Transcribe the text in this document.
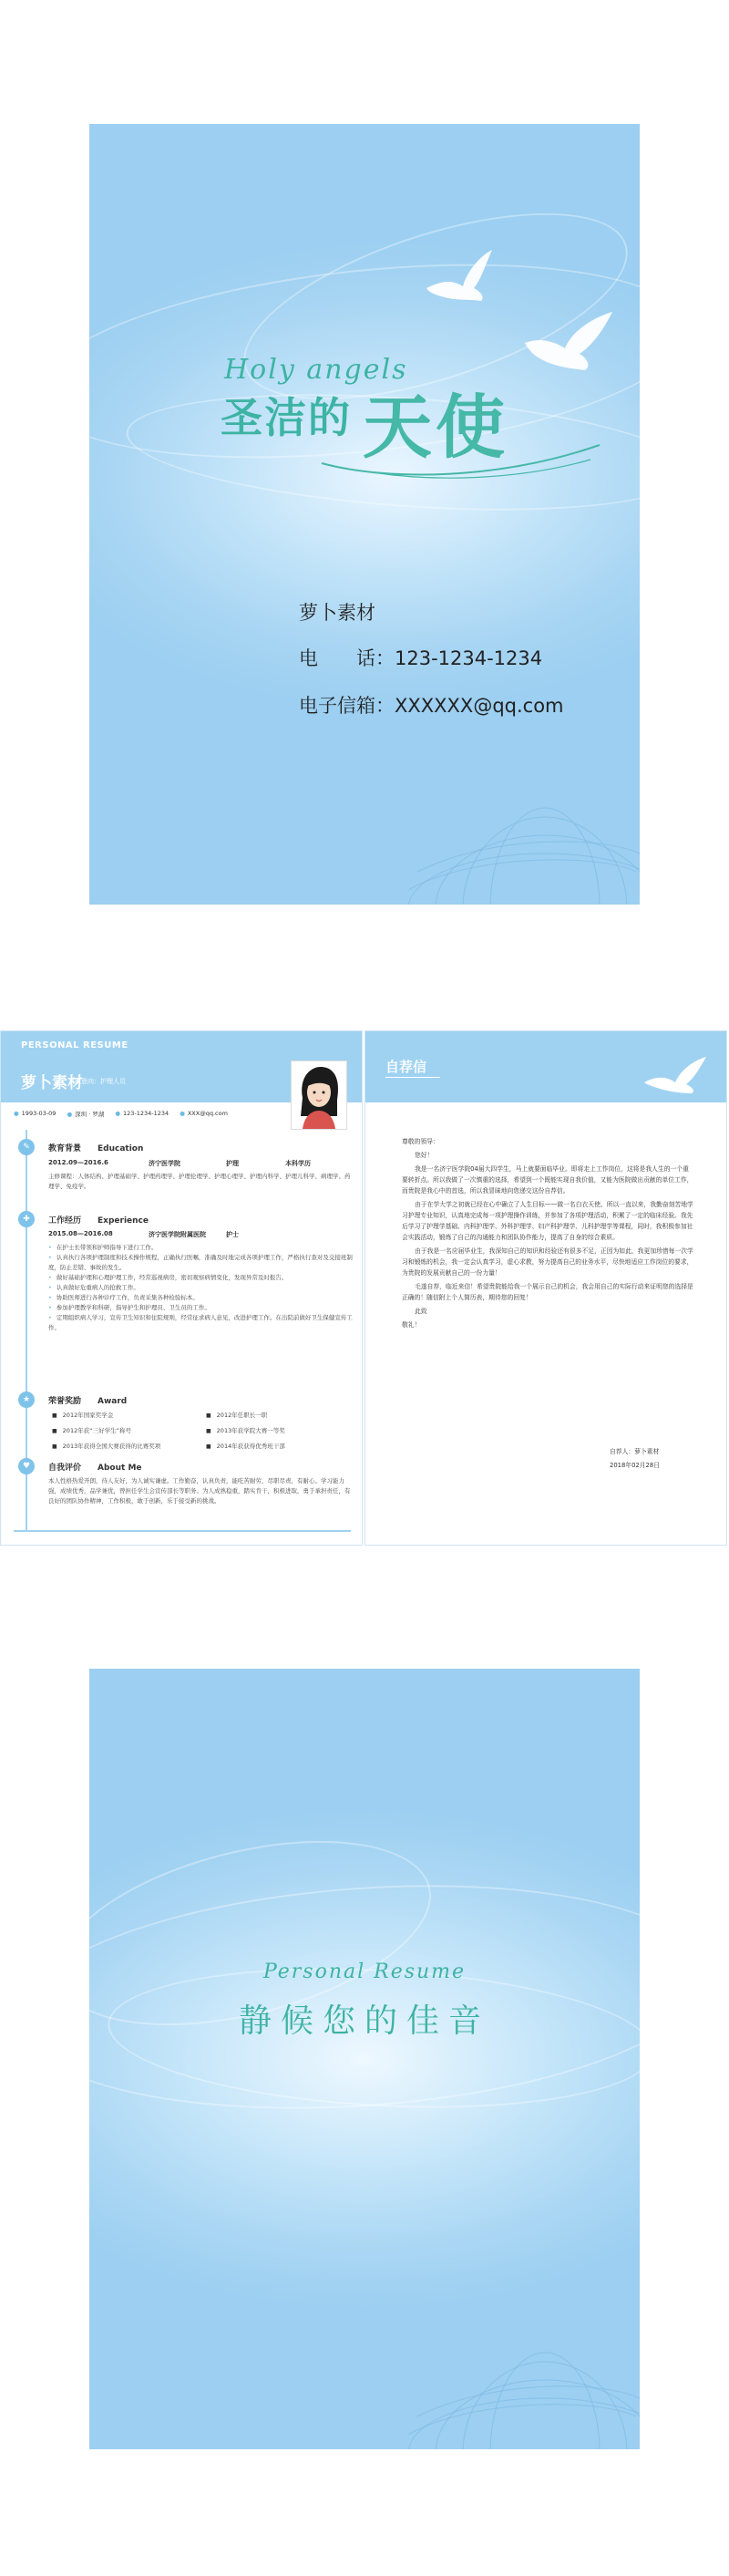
Holy angels
圣洁的 天使
萝卜素材
电　　话：123-1234-1234
电子信箱：XXXXXX@qq.com
PERSONAL RESUME
萝卜素材
求职意向：护理人员
● 1993-03-09 ● 深圳 · 罗湖 ● 123-1234-1234 ● XXX@qq.com
✎	教育背景 Education
2012.09—2016.6	济宁医学院	护理	本科学历
主修课程：人体结构、护理基础学、护理药理学、护理伦理学、护理心理学、护理内科学、护理儿科学、病理学、药理学、免疫学。
✚	工作经历 Experience
2015.08—2016.08	济宁医学院附属医院	护士
• 在护士长带领和护师指导下进行工作。
• 认真执行各项护理制度和技术操作规程，正确执行医嘱，准确及时地完成各项护理工作，严格执行查对及交接班制度，防止差错、事故的发生。
• 做好基础护理和心理护理工作，经常巡视病房，密切观察病情变化，发现异常及时报告。
• 认真做好危重病人的抢救工作。
• 协助医师进行各种诊疗工作，负责采集各种检验标本。
• 参加护理教学和科研，指导护生和护理员、卫生员的工作。
• 定期组织病人学习，宣传卫生知识和住院规则，经常征求病人意见，改进护理工作。在出院前做好卫生保健宣传工作。
★	荣誉奖励 Award
■ 2012年国家奖学金	■ 2012年任职长一职
■ 2012年获“三好学生”称号	■ 2013年获学院大赛一等奖
■ 2013年获得全国大赛获得的比赛奖项	■ 2014年获获得优秀班干部
♥	自我评价 About Me
本人性格热爱开朗，待人友好，为人诚实谦虚。工作勤奋，认真负责，能吃苦耐劳，尽职尽责，有耐心。学习能力强，成绩优秀，品学兼优，曾担任学生会宣传部长等职务。为人成熟稳重，踏实肯干，积极进取，勇于承担责任，有良好的团队协作精神，工作积极，敢于创新，乐于接受新的挑战。
自荐信

尊敬的领导：

您好！

我是一名济宁医学院04届大四学生，马上就要面临毕业。即将走上工作岗位，这将是我人生的一个重要转折点。所以我做了一次慎重的选择，希望到一个既能实现自我价值，又能为医院做出贡献的单位工作，而贵院是我心中的首选，所以我冒昧地向您递交这份自荐信。

由于在学大学之初就已经在心中确立了人生目标——做一名白衣天使。所以一直以来，我勤奋刻苦地学习护理专业知识，认真地完成每一项护理操作训练，并参加了各项护理活动，积累了一定的临床经验。我先后学习了护理学基础、内科护理学、外科护理学、妇产科护理学、儿科护理学等课程，同时，我积极参加社会实践活动，锻炼了自己的沟通能力和团队协作能力，提高了自身的综合素质。

由于我是一名应届毕业生，我深知自己的知识和经验还有很多不足，正因为如此，我更加珍惜每一次学习和锻炼的机会，我一定会认真学习，虚心求教，努力提高自己的业务水平，尽快地适应工作岗位的要求，为贵院的发展贡献自己的一份力量！

毛遂自荐，临近来信！希望贵院能给我一个展示自己的机会，我会用自己的实际行动来证明您的选择是正确的！随信附上个人简历表，期待您的回复！

此致

敬礼！

自荐人：萝卜素材
2018年02月28日
Personal Resume
静候您的佳音
